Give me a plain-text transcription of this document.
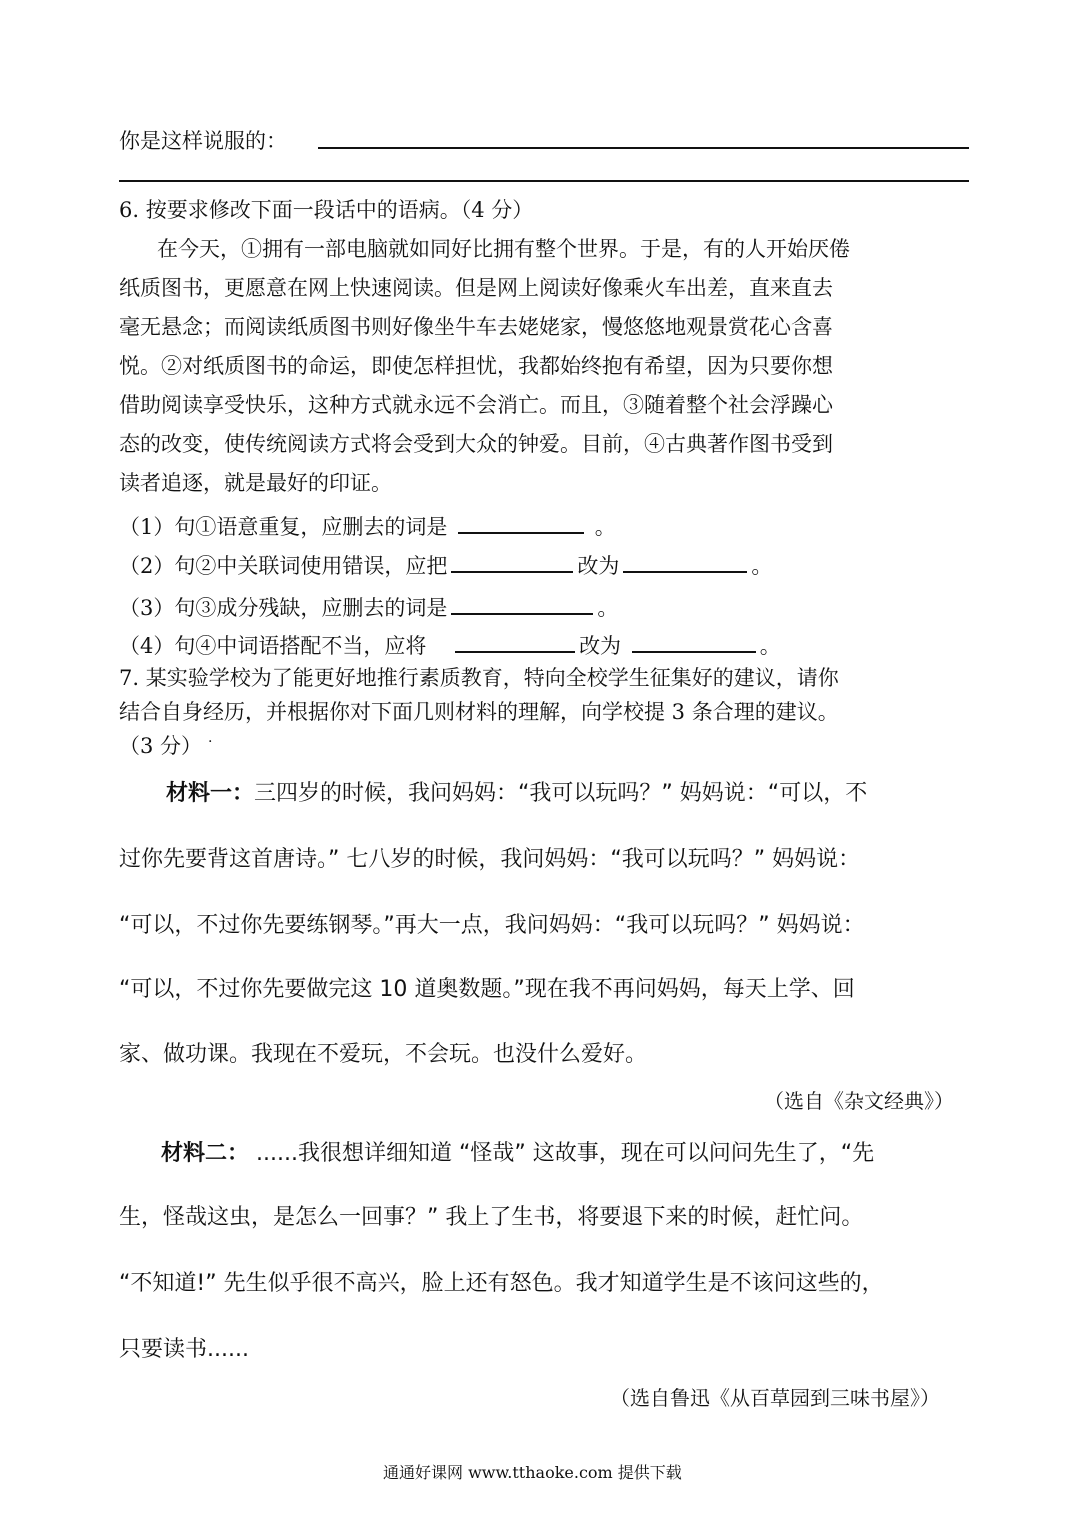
你是这样说服的：
6. 按要求修改下面一段话中的语病。（4 分）
在今天，①拥有一部电脑就如同好比拥有整个世界。于是，有的人开始厌倦
纸质图书，更愿意在网上快速阅读。但是网上阅读好像乘火车出差，直来直去
毫无悬念；而阅读纸质图书则好像坐牛车去姥姥家，慢悠悠地观景赏花心含喜
悦。②对纸质图书的命运，即使怎样担忧，我都始终抱有希望，因为只要你想
借助阅读享受快乐，这种方式就永远不会消亡。而且，③随着整个社会浮躁心
态的改变，使传统阅读方式将会受到大众的钟爱。目前，④古典著作图书受到
读者追逐，就是最好的印证。
（1）句①语意重复，应删去的词是	。
（2）句②中关联词使用错误，应把	改为	。
（3）句③成分残缺，应删去的词是	。
（4）句④中词语搭配不当，应将	改为	。
7. 某实验学校为了能更好地推行素质教育，特向全校学生征集好的建议，请你
结合自身经历，并根据你对下面几则材料的理解，向学校提 3 条合理的建议。
（3 分） .
材料一：三四岁的时候，我问妈妈：“我可以玩吗？” 妈妈说：“可以，不
过你先要背这首唐诗。” 七八岁的时候，我问妈妈：“我可以玩吗？” 妈妈说：
“可以，不过你先要练钢琴。”再大一点，我问妈妈：“我可以玩吗？” 妈妈说：
“可以，不过你先要做完这 10 道奥数题。”现在我不再问妈妈，每天上学、回
家、做功课。我现在不爱玩，不会玩。也没什么爱好。
（选自《杂文经典》）
材料二： ......我很想详细知道 “怪哉” 这故事，现在可以问问先生了，“先
生，怪哉这虫，是怎么一回事？” 我上了生书，将要退下来的时候，赶忙问。
“不知道!” 先生似乎很不高兴，脸上还有怒色。我才知道学生是不该问这些的，
只要读书......
（选自鲁迅《从百草园到三味书屋》）
通通好课网 www.tthaoke.com 提供下载
